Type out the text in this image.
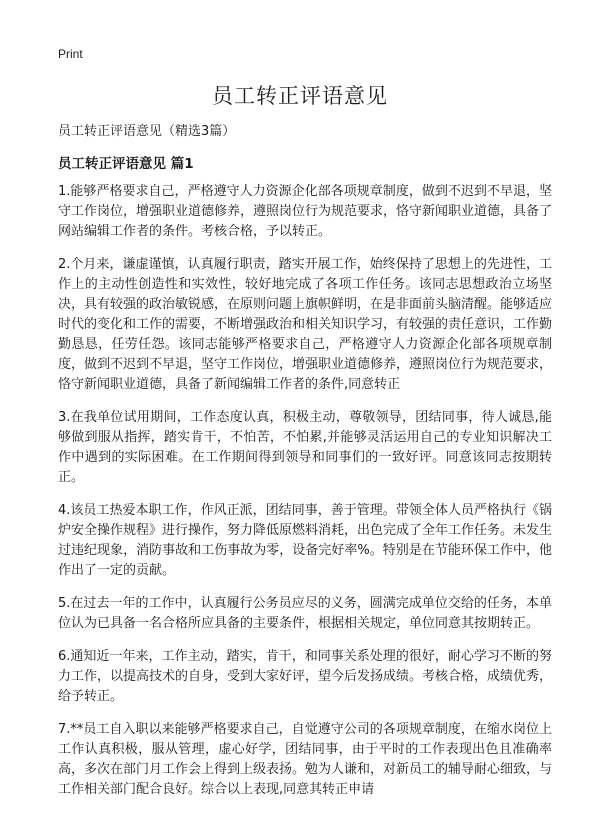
Print
员工转正评语意见

员工转正评语意见（精选3篇）

员工转正评语意见 篇1

1.能够严格要求自己，严格遵守人力资源企化部各项规章制度，做到不迟到不早退，坚守工作岗位，增强职业道德修养，遵照岗位行为规范要求，恪守新闻职业道德，具备了网站编辑工作者的条件。考核合格，予以转正。

2.个月来，谦虚谨慎，认真履行职责，踏实开展工作，始终保持了思想上的先进性，工作上的主动性创造性和实效性，较好地完成了各项工作任务。该同志思想政治立场坚决，具有较强的政治敏锐感，在原则问题上旗帜鲜明，在是非面前头脑清醒。能够适应时代的变化和工作的需要，不断增强政治和相关知识学习，有较强的责任意识，工作勤勤恳恳，任劳任怨。该同志能够严格要求自己，严格遵守人力资源企化部各项规章制度，做到不迟到不早退，坚守工作岗位，增强职业道德修养，遵照岗位行为规范要求，恪守新闻职业道德，具备了新闻编辑工作者的条件,同意转正

3.在我单位试用期间，工作态度认真，积极主动，尊敬领导，团结同事，待人诚恳,能够做到服从指挥，踏实肯干，不怕苦，不怕累,并能够灵活运用自己的专业知识解决工作中遇到的实际困难。在工作期间得到领导和同事们的一致好评。同意该同志按期转正。

4.该员工热爱本职工作，作风正派，团结同事，善于管理。带领全体人员严格执行《锅炉安全操作规程》进行操作，努力降低原燃料消耗，出色完成了全年工作任务。未发生过违纪现象，消防事故和工伤事故为零，设备完好率%。特别是在节能环保工作中，他作出了一定的贡献。

5.在过去一年的工作中，认真履行公务员应尽的义务，圆满完成单位交给的任务，本单位认为已具备一名合格所应具备的主要条件，根据相关规定，单位同意其按期转正。

6.通知近一年来，工作主动，踏实，肯干，和同事关系处理的很好，耐心学习不断的努力工作，以提高技术的自身，受到大家好评，望今后发扬成绩。考核合格，成绩优秀，给予转正。

7.**员工自入职以来能够严格要求自己，自觉遵守公司的各项规章制度，在缩水岗位上工作认真积极，服从管理，虚心好学，团结同事，由于平时的工作表现出色且准确率高，多次在部门月工作会上得到上级表扬。勉为人谦和，对新员工的辅导耐心细致，与工作相关部门配合良好。综合以上表现,同意其转正申请
